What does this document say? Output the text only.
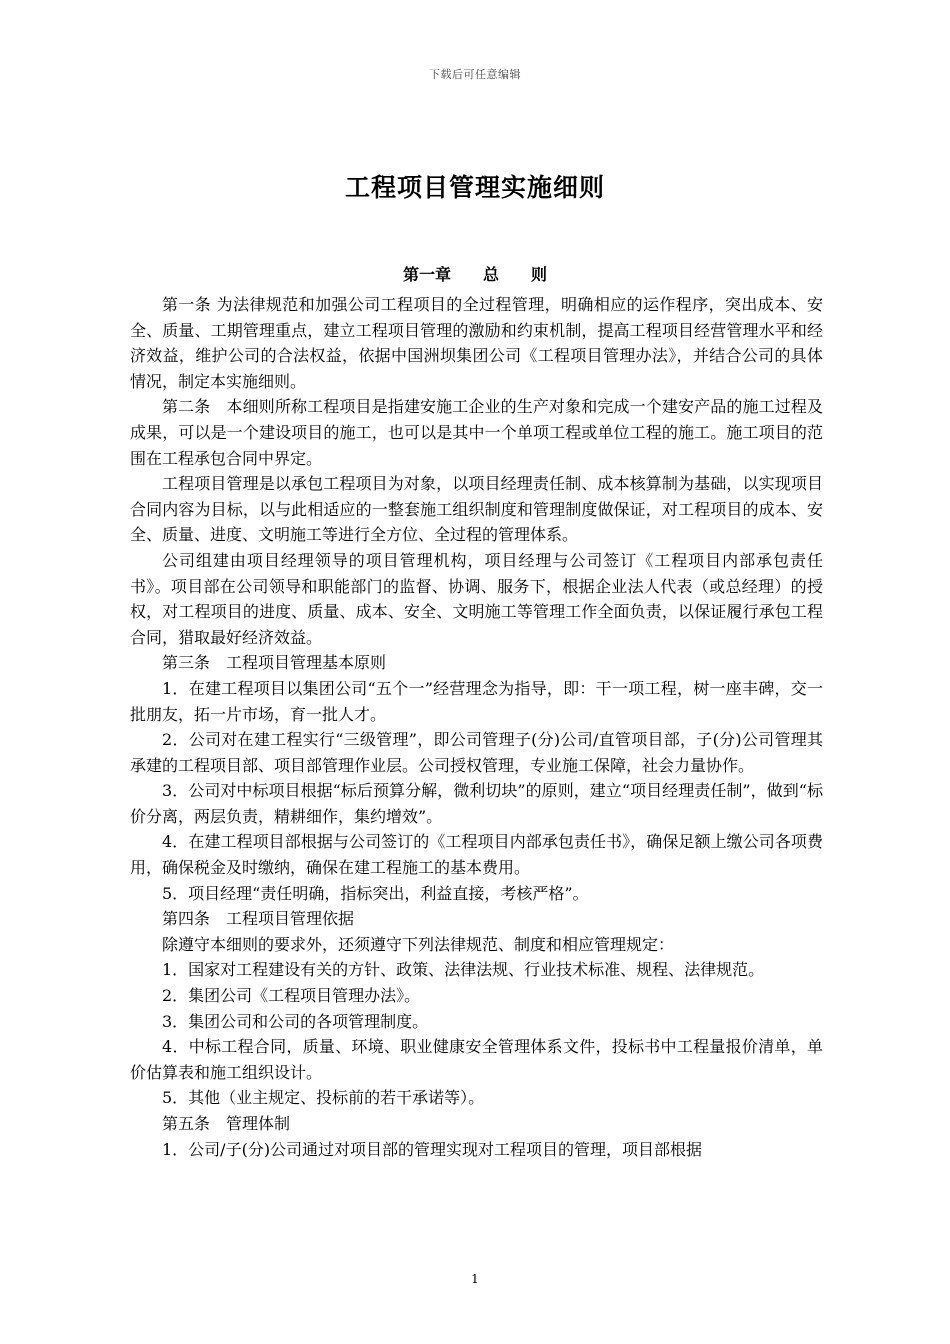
下载后可任意编辑
工程项目管理实施细则
第一章　　总　　则

第一条 为法律规范和加强公司工程项目的全过程管理，明确相应的运作程序，突出成本、安全、质量、工期管理重点，建立工程项目管理的激励和约束机制，提高工程项目经营管理水平和经济效益，维护公司的合法权益，依据中国洲坝集团公司《工程项目管理办法》，并结合公司的具体情况，制定本实施细则。

第二条　本细则所称工程项目是指建安施工企业的生产对象和完成一个建安产品的施工过程及成果，可以是一个建设项目的施工，也可以是其中一个单项工程或单位工程的施工。施工项目的范围在工程承包合同中界定。

工程项目管理是以承包工程项目为对象，以项目经理责任制、成本核算制为基础，以实现项目合同内容为目标，以与此相适应的一整套施工组织制度和管理制度做保证，对工程项目的成本、安全、质量、进度、文明施工等进行全方位、全过程的管理体系。

公司组建由项目经理领导的项目管理机构，项目经理与公司签订《工程项目内部承包责任书》。项目部在公司领导和职能部门的监督、协调、服务下，根据企业法人代表（或总经理）的授权，对工程项目的进度、质量、成本、安全、文明施工等管理工作全面负责，以保证履行承包工程合同，猎取最好经济效益。

第三条　工程项目管理基本原则

1．在建工程项目以集团公司“五个一”经营理念为指导，即：干一项工程，树一座丰碑，交一批朋友，拓一片市场，育一批人才。

2．公司对在建工程实行“三级管理”，即公司管理子(分)公司/直管项目部，子(分)公司管理其承建的工程项目部、项目部管理作业层。公司授权管理，专业施工保障，社会力量协作。

3．公司对中标项目根据“标后预算分解，微利切块”的原则，建立“项目经理责任制”，做到“标价分离，两层负责，精耕细作，集约增效”。

4．在建工程项目部根据与公司签订的《工程项目内部承包责任书》，确保足额上缴公司各项费用，确保税金及时缴纳，确保在建工程施工的基本费用。

5．项目经理“责任明确，指标突出，利益直接，考核严格”。

第四条　工程项目管理依据

除遵守本细则的要求外，还须遵守下列法律规范、制度和相应管理规定：

1．国家对工程建设有关的方针、政策、法律法规、行业技术标准、规程、法律规范。

2．集团公司《工程项目管理办法》。

3．集团公司和公司的各项管理制度。

4．中标工程合同，质量、环境、职业健康安全管理体系文件，投标书中工程量报价清单，单价估算表和施工组织设计。

5．其他（业主规定、投标前的若干承诺等）。

第五条　管理体制

1．公司/子(分)公司通过对项目部的管理实现对工程项目的管理，项目部根据

1
